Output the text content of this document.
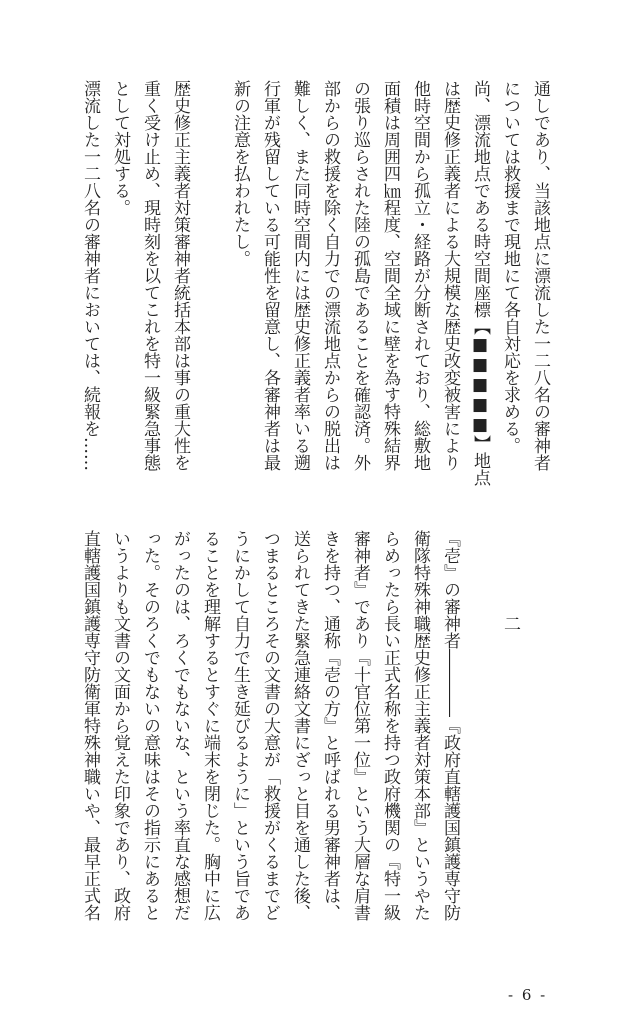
通しであり、当該地点に漂流した一二八名の審神者
については救援まで現地にて各自対応を求める。
尚、漂流地点である時空間座標【■■■■■】地点
は歴史修正義者による大規模な歴史改変被害により
他時空間から孤立・経路が分断されており、総敷地
面積は周囲四㎞程度、空間全域に壁を為す特殊結界
の張り巡らされた陸の孤島であることを確認済。外
部からの救援を除く自力での漂流地点からの脱出は
難しく、また同時空間内には歴史修正義者率いる遡
行軍が残留している可能性を留意し、各審神者は最
新の注意を払われたし。
歴史修正主義者対策審神者統括本部は事の重大性を
重く受け止め、現時刻を以てこれを特一級緊急事態
として対処する。
漂流した一二八名の審神者においては、続報を……
二
『壱』の審神者――――『政府直轄護国鎮護専守防
衛隊特殊神職歴史修正主義者対策本部』というやた
らめったら長い正式名称を持つ政府機関の『特一級
審神者』であり『十官位第一位』という大層な肩書
きを持つ、通称『壱の方』と呼ばれる男審神者は、
送られてきた緊急連絡文書にざっと目を通した後、
つまるところその文書の大意が「救援がくるまでど
うにかして自力で生き延びるように」という旨であ
ることを理解するとすぐに端末を閉じた。胸中に広
がったのは、ろくでもないな、という率直な感想だ
った。そのろくでもないの意味はその指示にあると
いうよりも文書の文面から覚えた印象であり、政府
直轄護国鎮護専守防衛軍特殊神職いや、最早正式名
- 6 -
